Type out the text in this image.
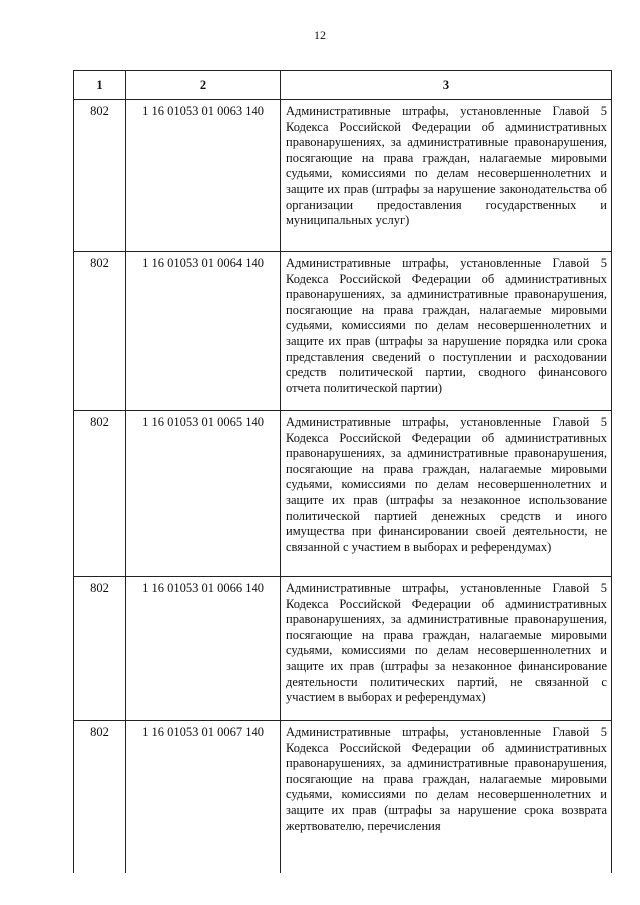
12
1	2	3
802	1 16 01053 01 0063 140	Административные штрафы, установленные Главой 5 Кодекса Российской Федерации об административных правонарушениях, за административные правонарушения, посягающие на права граждан, налагаемые мировыми судьями, комиссиями по делам несовершеннолетних и защите их прав (штрафы за нарушение законодательства об организации предоставления государственных и муниципальных услуг)
802	1 16 01053 01 0064 140	Административные штрафы, установленные Главой 5 Кодекса Российской Федерации об административных правонарушениях, за административные правонарушения, посягающие на права граждан, налагаемые мировыми судьями, комиссиями по делам несовершеннолетних и защите их прав (штрафы за нарушение порядка или срока представления сведений о поступлении и расходовании средств политической партии, сводного финансового отчета политической партии)
802	1 16 01053 01 0065 140	Административные штрафы, установленные Главой 5 Кодекса Российской Федерации об административных правонарушениях, за административные правонарушения, посягающие на права граждан, налагаемые мировыми судьями, комиссиями по делам несовершеннолетних и защите их прав (штрафы за незаконное использование политической партией денежных средств и иного имущества при финансировании своей деятельности, не связанной с участием в выборах и референдумах)
802	1 16 01053 01 0066 140	Административные штрафы, установленные Главой 5 Кодекса Российской Федерации об административных правонарушениях, за административные правонарушения, посягающие на права граждан, налагаемые мировыми судьями, комиссиями по делам несовершеннолетних и защите их прав (штрафы за незаконное финансирование деятельности политических партий, не связанной с участием в выборах и референдумах)
802	1 16 01053 01 0067 140	Административные штрафы, установленные Главой 5 Кодекса Российской Федерации об административных правонарушениях, за административные правонарушения, посягающие на права граждан, налагаемые мировыми судьями, комиссиями по делам несовершеннолетних и защите их прав (штрафы за нарушение срока возврата жертвователю, перечисления
